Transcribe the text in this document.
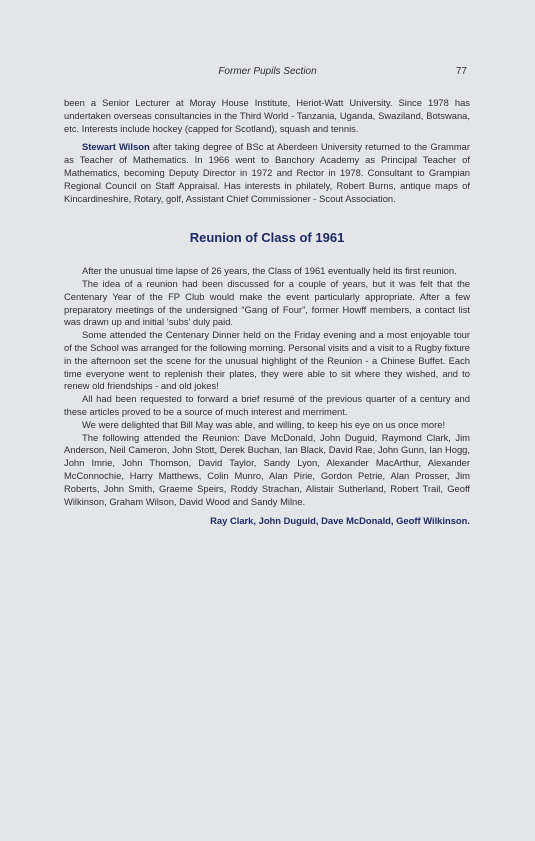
Former Pupils Section	77

been a Senior Lecturer at Moray House Institute, Heriot-Watt University. Since 1978 has undertaken overseas consultancies in the Third World - Tanzania, Uganda, Swaziland, Botswana, etc. Interests include hockey (capped for Scotland), squash and tennis.

Stewart Wilson after taking degree of BSc at Aberdeen University returned to the Grammar as Teacher of Mathematics. In 1966 went to Banchory Academy as Principal Teacher of Mathematics, becoming Deputy Director in 1972 and Rector in 1978. Consultant to Grampian Regional Council on Staff Appraisal. Has interests in philately, Robert Burns, antique maps of Kincardineshire, Rotary, golf, Assistant Chief Commissioner - Scout Association.

Reunion of Class of 1961

After the unusual time lapse of 26 years, the Class of 1961 eventually held its first reunion.

The idea of a reunion had been discussed for a couple of years, but it was felt that the Centenary Year of the FP Club would make the event particularly appropriate. After a few preparatory meetings of the undersigned “Gang of Four”, former Howff members, a contact list was drawn up and initial ‘subs’ duly paid.

Some attended the Centenary Dinner held on the Friday evening and a most enjoyable tour of the School was arranged for the following morning. Personal visits and a visit to a Rugby fixture in the afternoon set the scene for the unusual highlight of the Reunion - a Chinese Buffet. Each time everyone went to replenish their plates, they were able to sit where they wished, and to renew old friendships - and old jokes!

All had been requested to forward a brief resumé of the previous quarter of a century and these articles proved to be a source of much interest and merriment.

We were delighted that Bill May was able, and willing, to keep his eye on us once more!

The following attended the Reunion: Dave McDonald, John Duguid, Raymond Clark, Jim Anderson, Neil Cameron, John Stott, Derek Buchan, Ian Black, David Rae, John Gunn, Ian Hogg, John Imrie, John Thomson, David Taylor, Sandy Lyon, Alexander MacArthur, Alexander McConnochie, Harry Matthews, Colin Munro, Alan Pirie, Gordon Petrie, Alan Prosser, Jim Roberts, John Smith, Graeme Speirs, Roddy Strachan, Alistair Sutherland, Robert Trail, Geoff Wilkinson, Graham Wilson, David Wood and Sandy Milne.

Ray Clark, John Duguid, Dave McDonald, Geoff Wilkinson.
